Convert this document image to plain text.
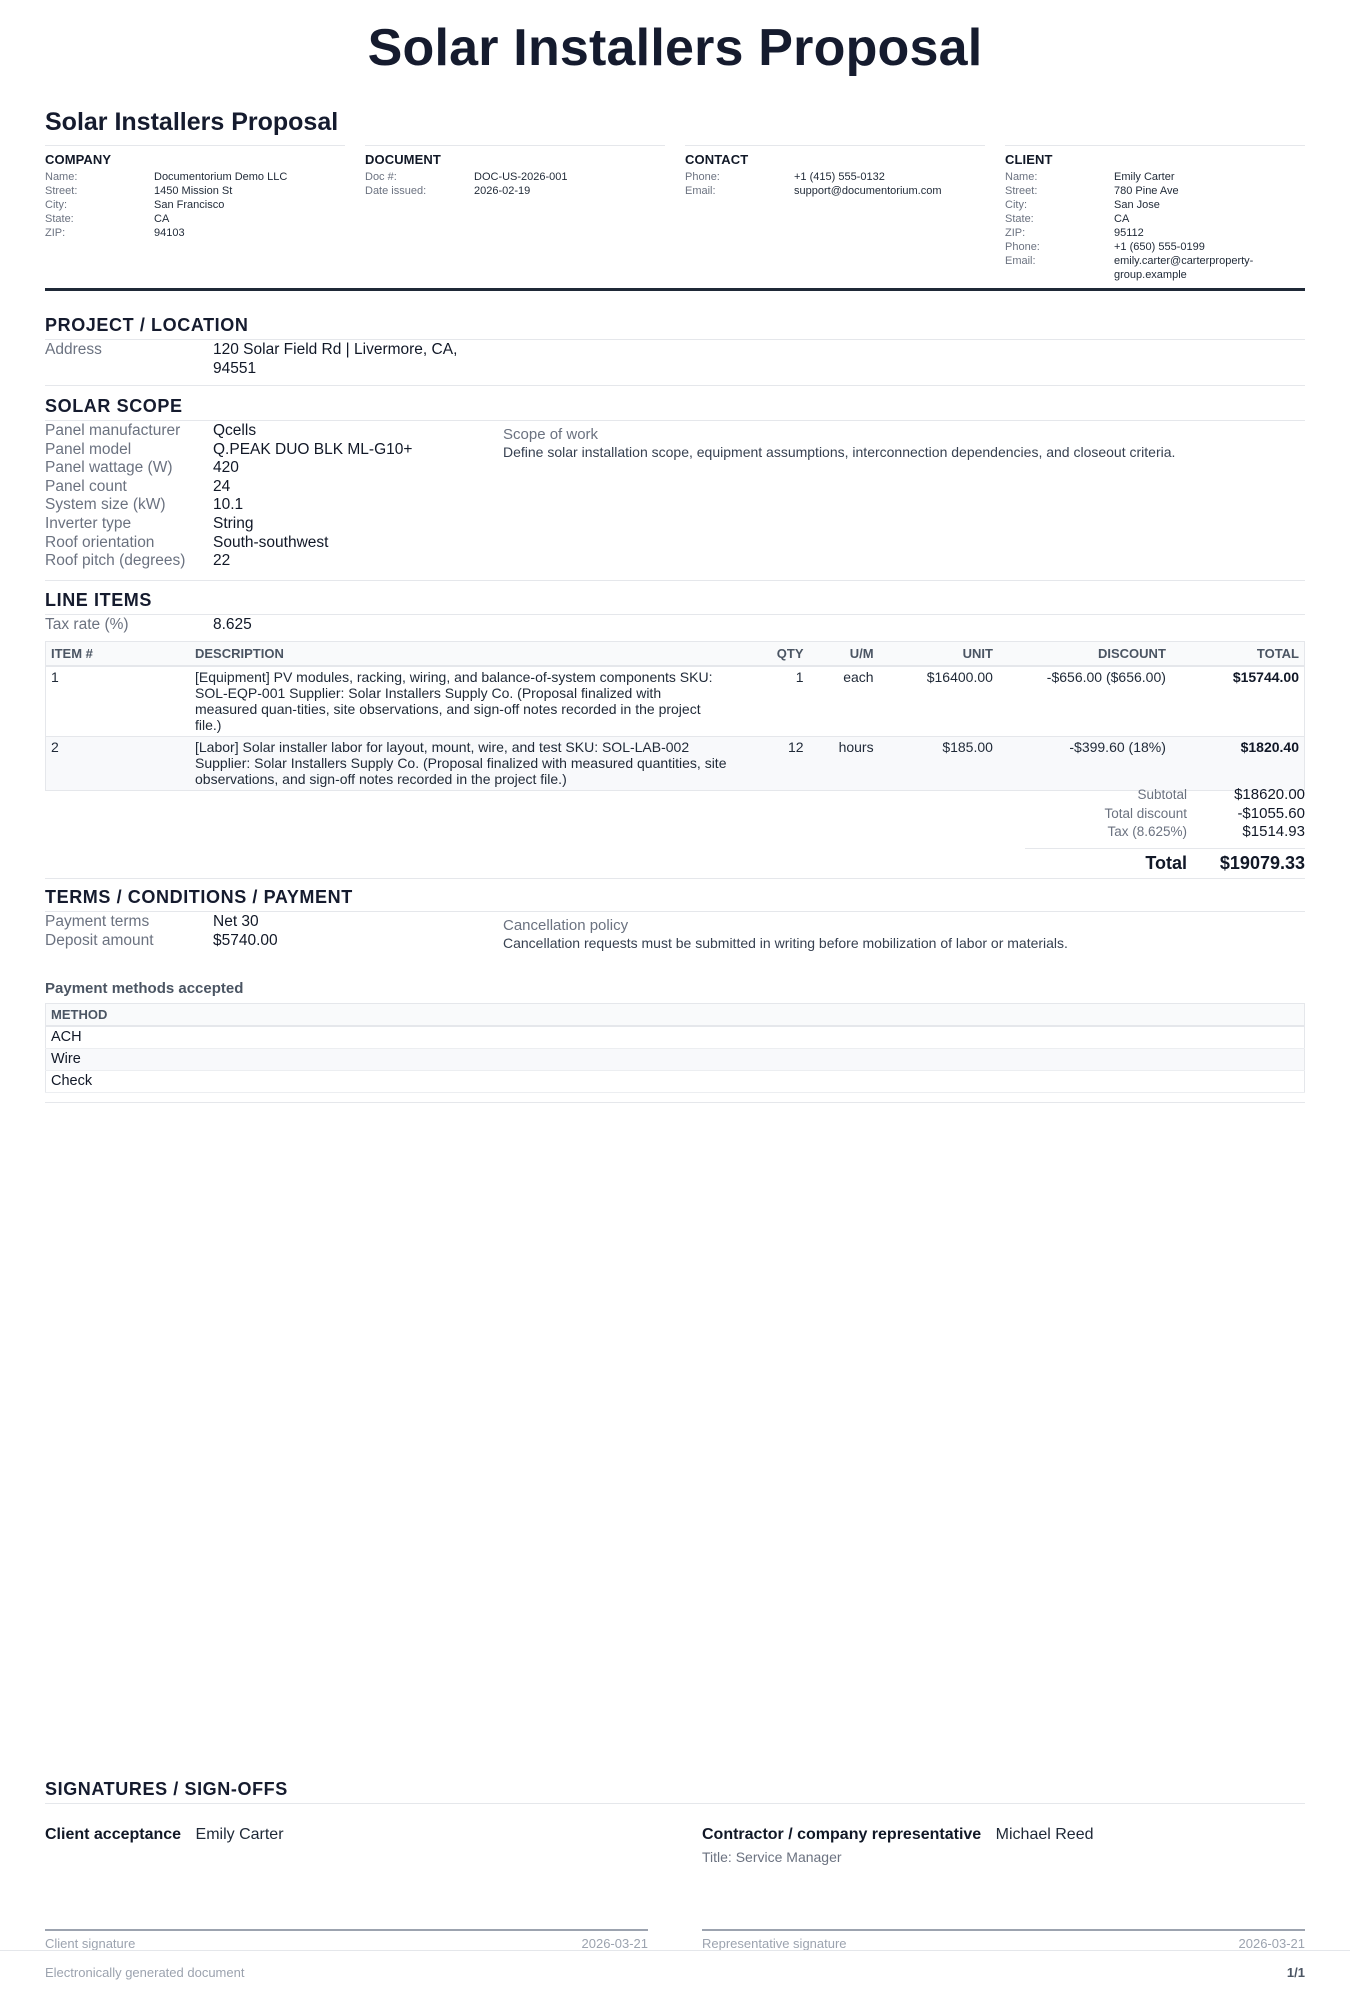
Solar Installers Proposal
Solar Installers Proposal
COMPANY
Name:	Documentorium Demo LLC
Street:	1450 Mission St
City:	San Francisco
State:	CA
ZIP:	94103
DOCUMENT
Doc #:	DOC-US-2026-001
Date issued:	2026-02-19
CONTACT
Phone:	+1 (415) 555-0132
Email:	support@documentorium.com
CLIENT
Name:	Emily Carter
Street:	780 Pine Ave
City:	San Jose
State:	CA
ZIP:	95112
Phone:	+1 (650) 555-0199
Email:	emily.carter@carterproperty-group.example
PROJECT / LOCATION
Address	120 Solar Field Rd | Livermore, CA,
94551
SOLAR SCOPE
Panel manufacturer	Qcells
Panel model	Q.PEAK DUO BLK ML-G10+
Panel wattage (W)	420
Panel count	24
System size (kW)	10.1
Inverter type	String
Roof orientation	South-southwest
Roof pitch (degrees)	22
Scope of work
Define solar installation scope, equipment assumptions, interconnection dependencies, and closeout criteria.
LINE ITEMS
Tax rate (%)	8.625
ITEM #	DESCRIPTION	QTY	U/M	UNIT	DISCOUNT	TOTAL
1	[Equipment] PV modules, racking, wiring, and balance-of-system components SKU: SOL-EQP-001 Supplier: Solar Installers Supply Co. (Proposal finalized with measured quan-tities, site observations, and sign-off notes recorded in the project file.)	1	each	$16400.00	-$656.00 ($656.00)	$15744.00
2	[Labor] Solar installer labor for layout, mount, wire, and test SKU: SOL-LAB-002 Supplier: Solar Installers Supply Co. (Proposal finalized with measured quantities, site observations, and sign-off notes recorded in the project file.)	12	hours	$185.00	-$399.60 (18%)	$1820.40
Subtotal	$18620.00
Total discount	-$1055.60
Tax (8.625%)	$1514.93
Total	$19079.33
TERMS / CONDITIONS / PAYMENT
Payment terms	Net 30
Deposit amount	$5740.00
Cancellation policy
Cancellation requests must be submitted in writing before mobilization of labor or materials.
Payment methods accepted
METHOD
ACH
Wire
Check
SIGNATURES / SIGN-OFFS
Client acceptance Emily Carter	Contractor / company representative Michael Reed
Title: Service Manager
Client signature	2026-03-21	Representative signature	2026-03-21
Electronically generated document	1/1
